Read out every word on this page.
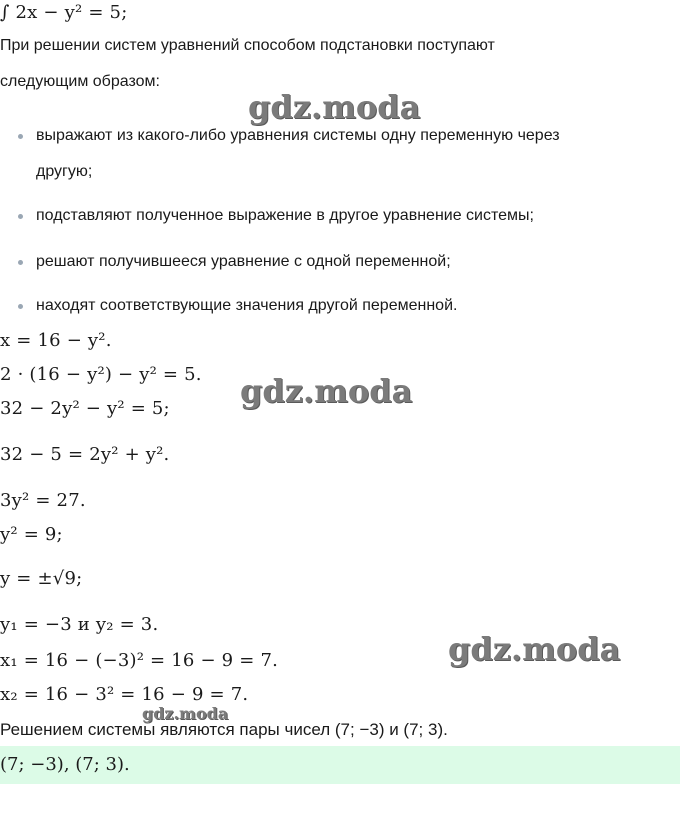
∫ 2x − y² = 5;
При решении систем уравнений способом подстановки поступают
следующим образом:
выражают из какого-либо уравнения системы одну переменную через
другую;
подставляют полученное выражение в другое уравнение системы;
решают получившееся уравнение с одной переменной;
находят соответствующие значения другой переменной.
x = 16 − y².
2 · (16 − y²) − y² = 5.
32 − 2y² − y² = 5;
32 − 5 = 2y² + y².
3y² = 27.
y² = 9;
y = ±√9;
y₁ = −3 и y₂ = 3.
x₁ = 16 − (−3)² = 16 − 9 = 7.
x₂ = 16 − 3² = 16 − 9 = 7.
Решением системы являются пары чисел (7; −3) и (7; 3).
(7; −3), (7; 3).
gdz.moda
gdz.moda
gdz.moda
gdz.moda
